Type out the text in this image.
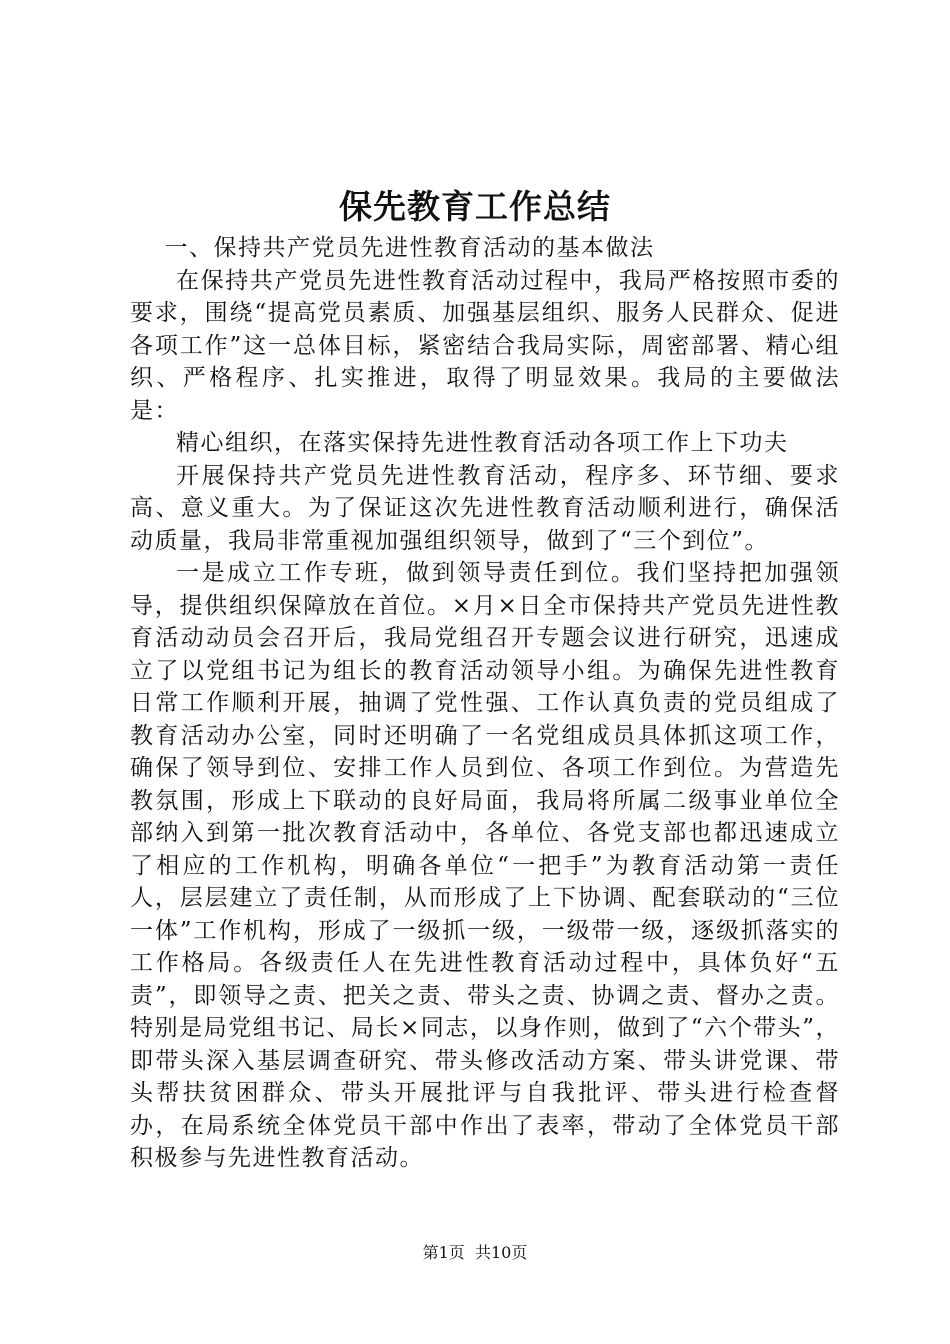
保先教育工作总结

一、保持共产党员先进性教育活动的基本做法

在保持共产党员先进性教育活动过程中，我局严格按照市委的要求，围绕“提高党员素质、加强基层组织、服务人民群众、促进各项工作”这一总体目标，紧密结合我局实际，周密部署、精心组织、严格程序、扎实推进，取得了明显效果。我局的主要做法是：

精心组织，在落实保持先进性教育活动各项工作上下功夫

开展保持共产党员先进性教育活动，程序多、环节细、要求高、意义重大。为了保证这次先进性教育活动顺利进行，确保活动质量，我局非常重视加强组织领导，做到了“三个到位”。

一是成立工作专班，做到领导责任到位。我们坚持把加强领导，提供组织保障放在首位。×月×日全市保持共产党员先进性教育活动动员会召开后，我局党组召开专题会议进行研究，迅速成立了以党组书记为组长的教育活动领导小组。为确保先进性教育日常工作顺利开展，抽调了党性强、工作认真负责的党员组成了教育活动办公室，同时还明确了一名党组成员具体抓这项工作，确保了领导到位、安排工作人员到位、各项工作到位。为营造先教氛围，形成上下联动的良好局面，我局将所属二级事业单位全部纳入到第一批次教育活动中，各单位、各党支部也都迅速成立了相应的工作机构，明确各单位“一把手”为教育活动第一责任人，层层建立了责任制，从而形成了上下协调、配套联动的“三位一体”工作机构，形成了一级抓一级，一级带一级，逐级抓落实的工作格局。各级责任人在先进性教育活动过程中，具体负好“五责”，即领导之责、把关之责、带头之责、协调之责、督办之责。特别是局党组书记、局长×同志，以身作则，做到了“六个带头”，即带头深入基层调查研究、带头修改活动方案、带头讲党课、带头帮扶贫困群众、带头开展批评与自我批评、带头进行检查督办，在局系统全体党员干部中作出了表率，带动了全体党员干部积极参与先进性教育活动。

第1页 共10页
